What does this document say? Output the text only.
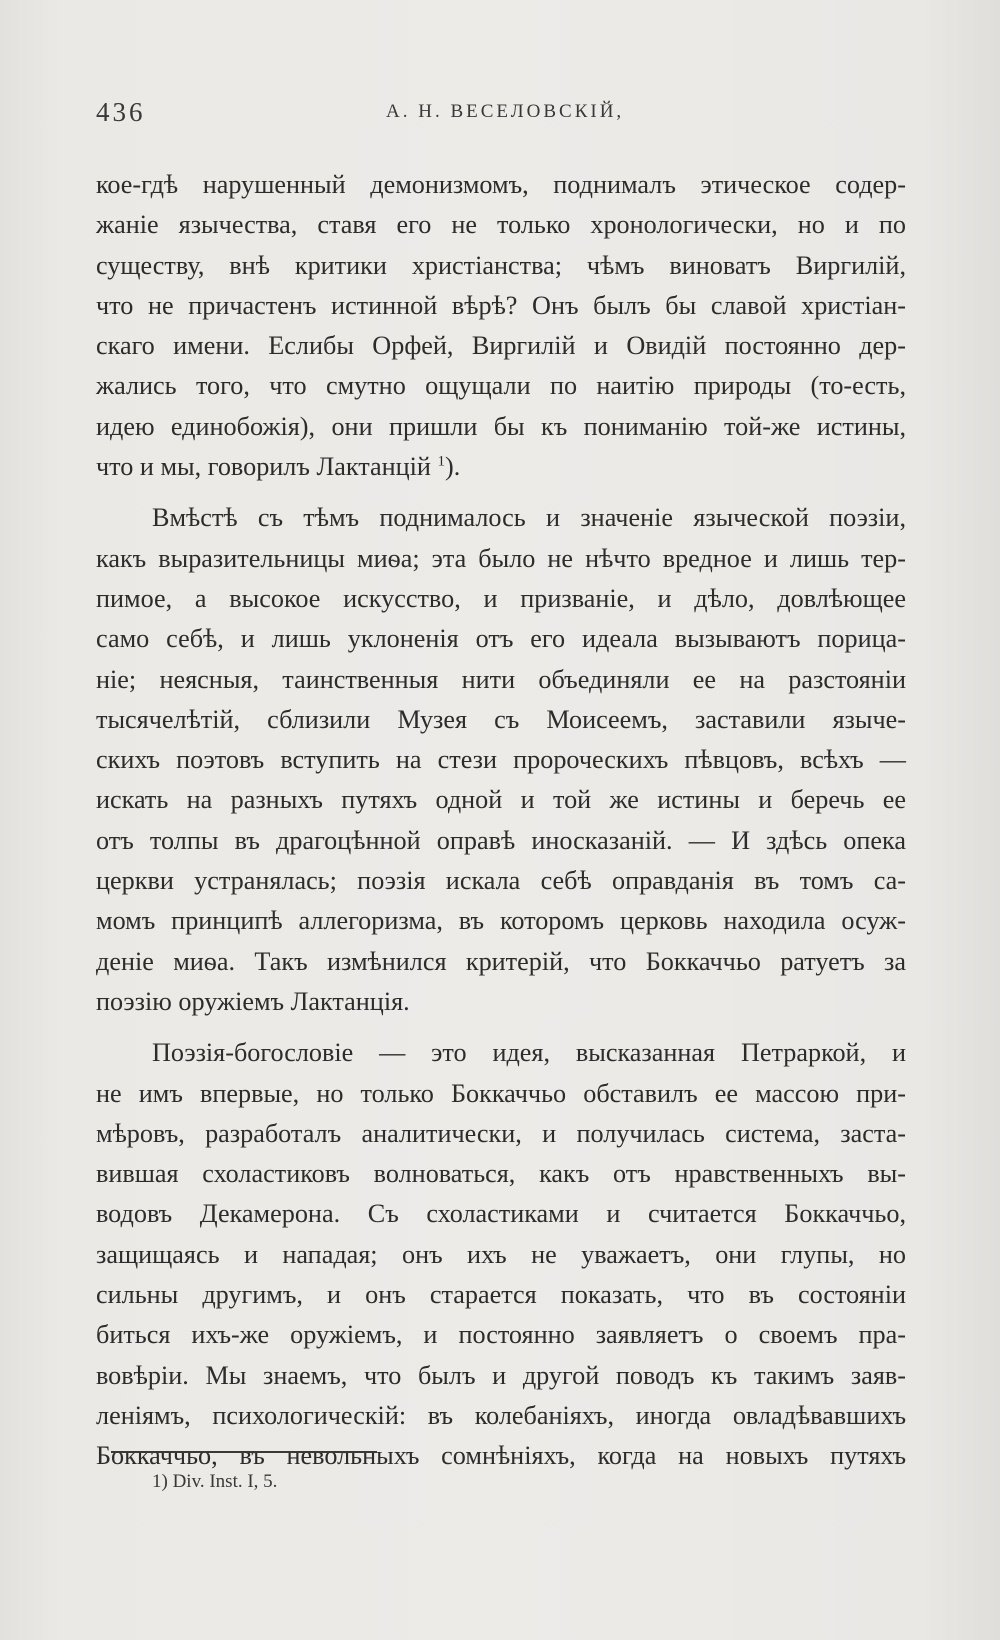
436	А. Н. ВЕСЕЛОВСКІЙ,
кое-гдѣ нарушенный демонизмомъ, поднималъ этическое содер-
жаніе язычества, ставя его не только хронологически, но и по
существу, внѣ критики христіанства; чѣмъ виноватъ Виргилій,
что не причастенъ истинной вѣрѣ? Онъ былъ бы славой христіан-
скаго имени. Еслибы Орфей, Виргилій и Овидій постоянно дер-
жались того, что смутно ощущали по наитію природы (то-есть,
идею единобожія), они пришли бы къ пониманію той-же истины,
что и мы, говорилъ Лактанцій $^1$).
Вмѣстѣ съ тѣмъ поднималось и значеніе языческой поэзіи,
какъ выразительницы миѳа; эта было не нѣчто вредное и лишь тер-
пимое, а высокое искусство, и призваніе, и дѣло, довлѣющее
само себѣ, и лишь уклоненія отъ его идеала вызываютъ порица-
ніе; неясныя, таинственныя нити объединяли ее на разстояніи
тысячелѣтій, сблизили Музея съ Моисеемъ, заставили языче-
скихъ поэтовъ вступить на стези пророческихъ пѣвцовъ, всѣхъ —
искать на разныхъ путяхъ одной и той же истины и беречь ее
отъ толпы въ драгоцѣнной оправѣ иносказаній. — И здѣсь опека
церкви устранялась; поэзія искала себѣ оправданія въ томъ са-
момъ принципѣ аллегоризма, въ которомъ церковь находила осуж-
деніе миѳа. Такъ измѣнился критерій, что Боккаччьо ратуетъ за
поэзію оружіемъ Лактанція.
Поэзія-богословіе — это идея, высказанная Петраркой, и
не имъ впервые, но только Боккаччьо обставилъ ее массою при-
мѣровъ, разработалъ аналитически, и получилась система, заста-
вившая схоластиковъ волноваться, какъ отъ нравственныхъ вы-
водовъ Декамерона. Съ схоластиками и считается Боккаччьо,
защищаясь и нападая; онъ ихъ не уважаетъ, они глупы, но
сильны другимъ, и онъ старается показать, что въ состояніи
биться ихъ-же оружіемъ, и постоянно заявляетъ о своемъ пра-
вовѣріи. Мы знаемъ, что былъ и другой поводъ къ такимъ заяв-
леніямъ, психологическій: въ колебаніяхъ, иногда овладѣвавшихъ
Боккаччьо, въ невольныхъ сомнѣніяхъ, когда на новыхъ путяхъ
1) Div. Inst. I, 5.
